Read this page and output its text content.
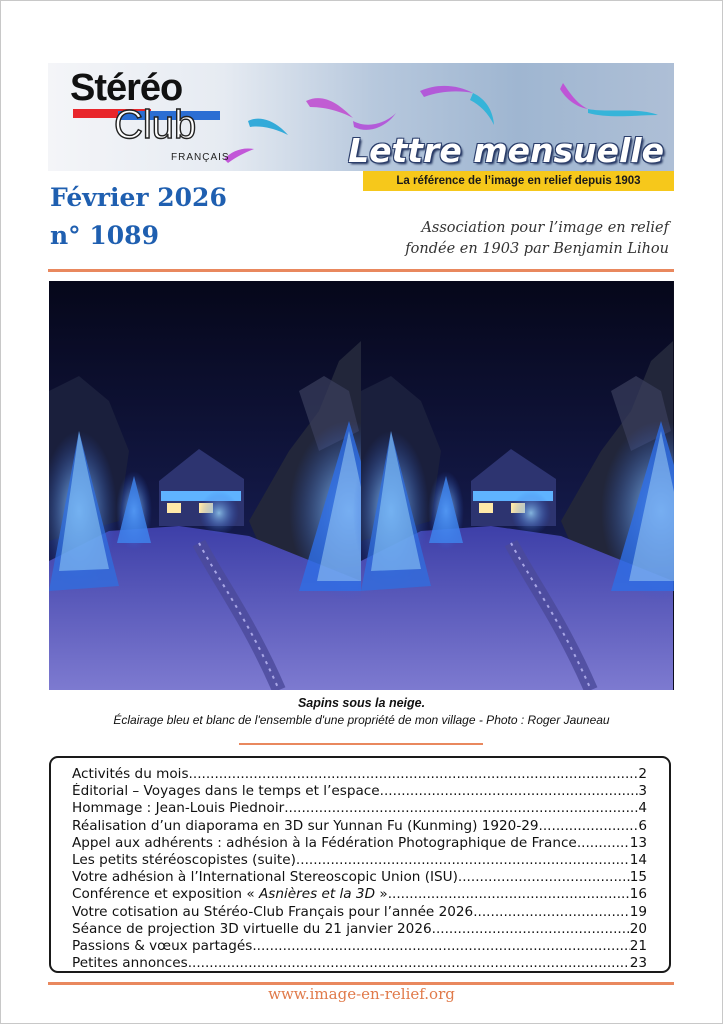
Stéréo
Club
FRANÇAIS	Lettre mensuelle
La référence de l’image en relief depuis 1903
Février 2026
n° 1089	Association pour l’image en relief
fondée en 1903 par Benjamin Lihou
Sapins sous la neige.
Éclairage bleu et blanc de l'ensemble d'une propriété de mon village - Photo : Roger Jauneau
Activités du mois .....	2
Éditorial – Voyages dans le temps et l’espace .....	3
Hommage : Jean-Louis Piednoir .....	4
Réalisation d’un diaporama en 3D sur Yunnan Fu (Kunming) 1920-29 .....	6
Appel aux adhérents : adhésion à la Fédération Photographique de France .....	13
Les petits stéréoscopistes (suite) .....	14
Votre adhésion à l’International Stereoscopic Union (ISU) .....	15
Conférence et exposition « Asnières et la 3D » .....	16
Votre cotisation au Stéréo-Club Français pour l’année 2026 .....	19
Séance de projection 3D virtuelle du 21 janvier 2026 .....	20
Passions & vœux partagés .....	21
Petites annonces .....	23
www.image-en-relief.org
